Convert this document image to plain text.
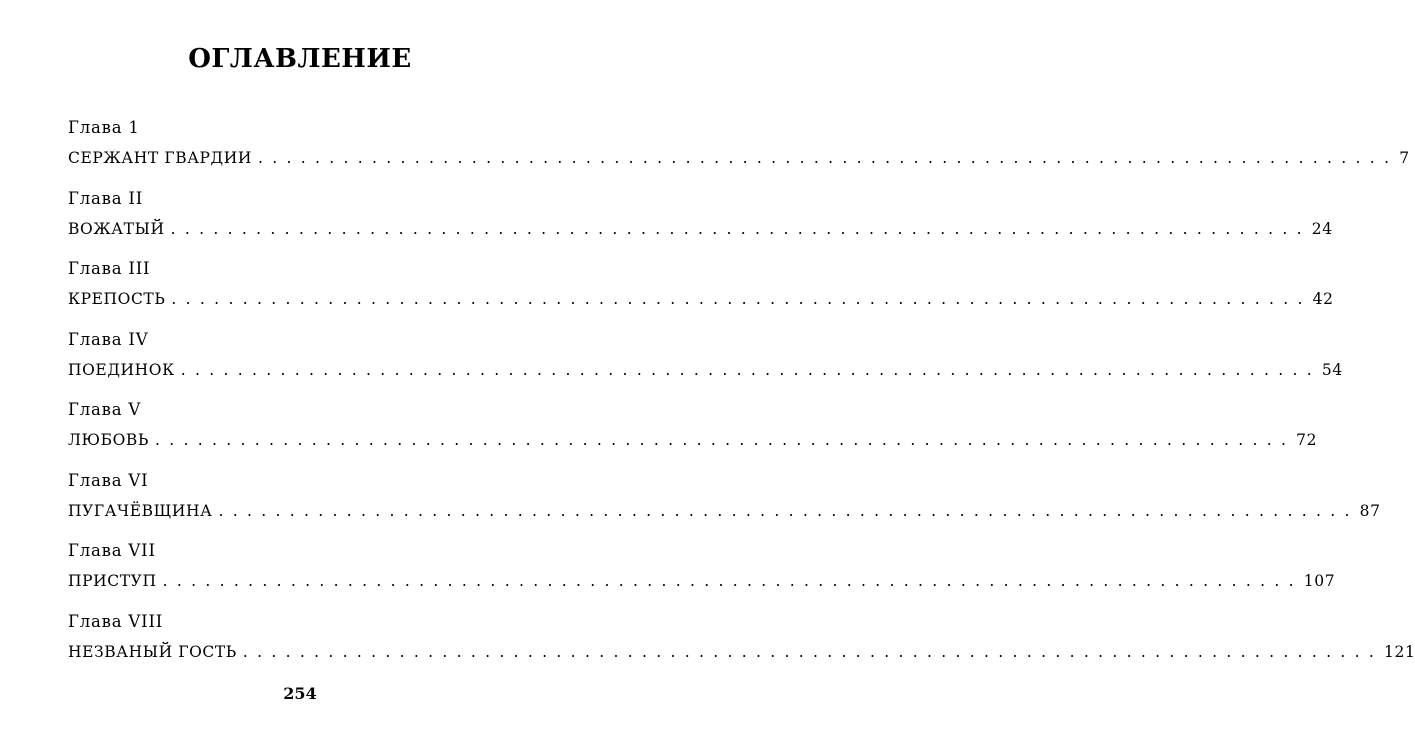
ОГЛАВЛЕНИЕ
Глава 1
СЕРЖАНТ ГВАРДИИ . . . . . . . . . . . . . . . . . . . . . . . . . . . . . . . . . . . . . . . . . . . . . . . . . . . . . . . . . . . . . . . . . . . . . . . . . . . . . . . . 7
Глава II
ВОЖАТЫЙ . . . . . . . . . . . . . . . . . . . . . . . . . . . . . . . . . . . . . . . . . . . . . . . . . . . . . . . . . . . . . . . . . . . . . . . . . . . . . . . . 24
Глава III
КРЕПОСТЬ . . . . . . . . . . . . . . . . . . . . . . . . . . . . . . . . . . . . . . . . . . . . . . . . . . . . . . . . . . . . . . . . . . . . . . . . . . . . . . . . 42
Глава IV
ПОЕДИНОК . . . . . . . . . . . . . . . . . . . . . . . . . . . . . . . . . . . . . . . . . . . . . . . . . . . . . . . . . . . . . . . . . . . . . . . . . . . . . . . . 54
Глава V
ЛЮБОВЬ . . . . . . . . . . . . . . . . . . . . . . . . . . . . . . . . . . . . . . . . . . . . . . . . . . . . . . . . . . . . . . . . . . . . . . . . . . . . . . . . 72
Глава VI
ПУГАЧЁВЩИНА . . . . . . . . . . . . . . . . . . . . . . . . . . . . . . . . . . . . . . . . . . . . . . . . . . . . . . . . . . . . . . . . . . . . . . . . . . . . . . . . 87
Глава VII
ПРИСТУП . . . . . . . . . . . . . . . . . . . . . . . . . . . . . . . . . . . . . . . . . . . . . . . . . . . . . . . . . . . . . . . . . . . . . . . . . . . . . . . . 107
Глава VIII
НЕЗВАНЫЙ ГОСТЬ . . . . . . . . . . . . . . . . . . . . . . . . . . . . . . . . . . . . . . . . . . . . . . . . . . . . . . . . . . . . . . . . . . . . . . . . . . . . . . . . 121
254
